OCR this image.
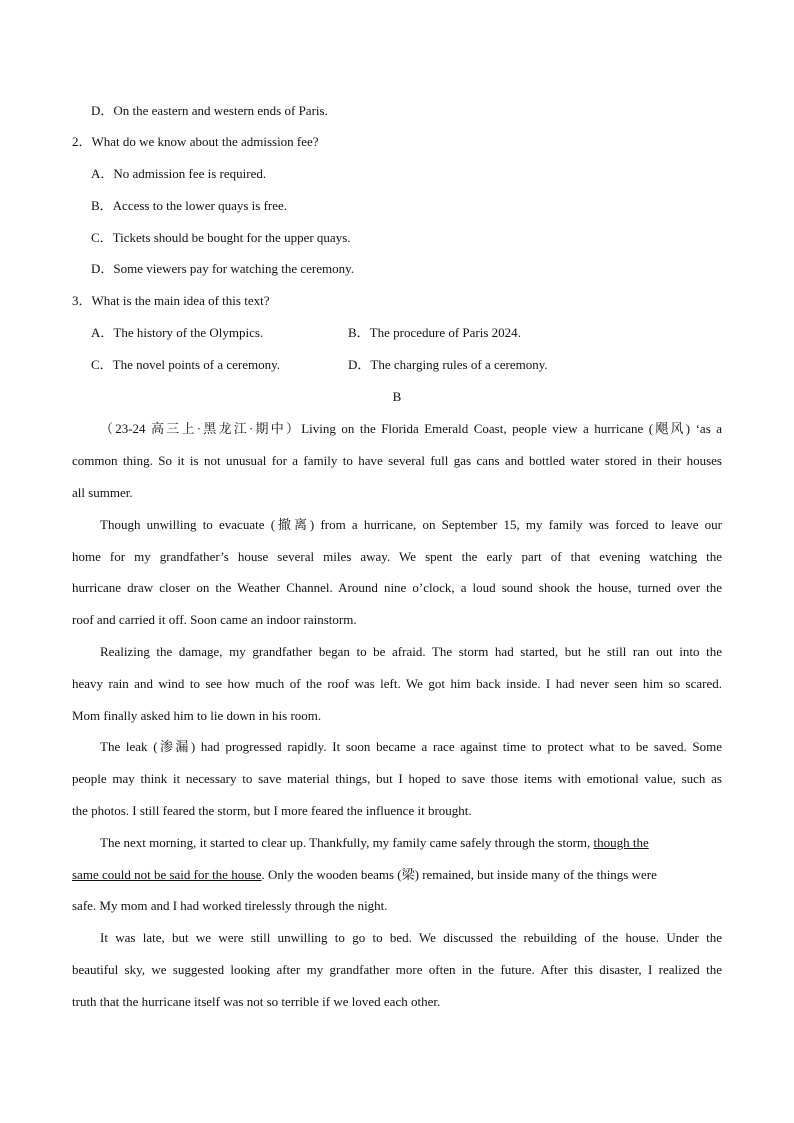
D．On the eastern and western ends of Paris.
2．What do we know about the admission fee?
A．No admission fee is required.
B．Access to the lower quays is free.
C．Tickets should be bought for the upper quays.
D．Some viewers pay for watching the ceremony.
3．What is the main idea of this text?
A．The history of the Olympics.	B．The procedure of Paris 2024.
C．The novel points of a ceremony.	D．The charging rules of a ceremony.
B
（23-24 高三上·黑龙江·期中）Living on the Florida Emerald Coast, people view a hurricane (飓风) ‘as a
common thing. So it is not unusual for a family to have several full gas cans and bottled water stored in their houses
all summer.
Though unwilling to evacuate (撤离) from a hurricane, on September 15, my family was forced to leave our
home for my grandfather’s house several miles away. We spent the early part of that evening watching the
hurricane draw closer on the Weather Channel. Around nine o’clock, a loud sound shook the house, turned over the
roof and carried it off. Soon came an indoor rainstorm.
Realizing the damage, my grandfather began to be afraid. The storm had started, but he still ran out into the
heavy rain and wind to see how much of the roof was left. We got him back inside. I had never seen him so scared.
Mom finally asked him to lie down in his room.
The leak (渗漏) had progressed rapidly. It soon became a race against time to protect what to be saved. Some
people may think it necessary to save material things, but I hoped to save those items with emotional value, such as
the photos. I still feared the storm, but I more feared the influence it brought.
The next morning, it started to clear up. Thankfully, my family came safely through the storm, though the
same could not be said for the house. Only the wooden beams (梁) remained, but inside many of the things were
safe. My mom and I had worked tirelessly through the night.
It was late, but we were still unwilling to go to bed. We discussed the rebuilding of the house. Under the
beautiful sky, we suggested looking after my grandfather more often in the future. After this disaster, I realized the
truth that the hurricane itself was not so terrible if we loved each other.
